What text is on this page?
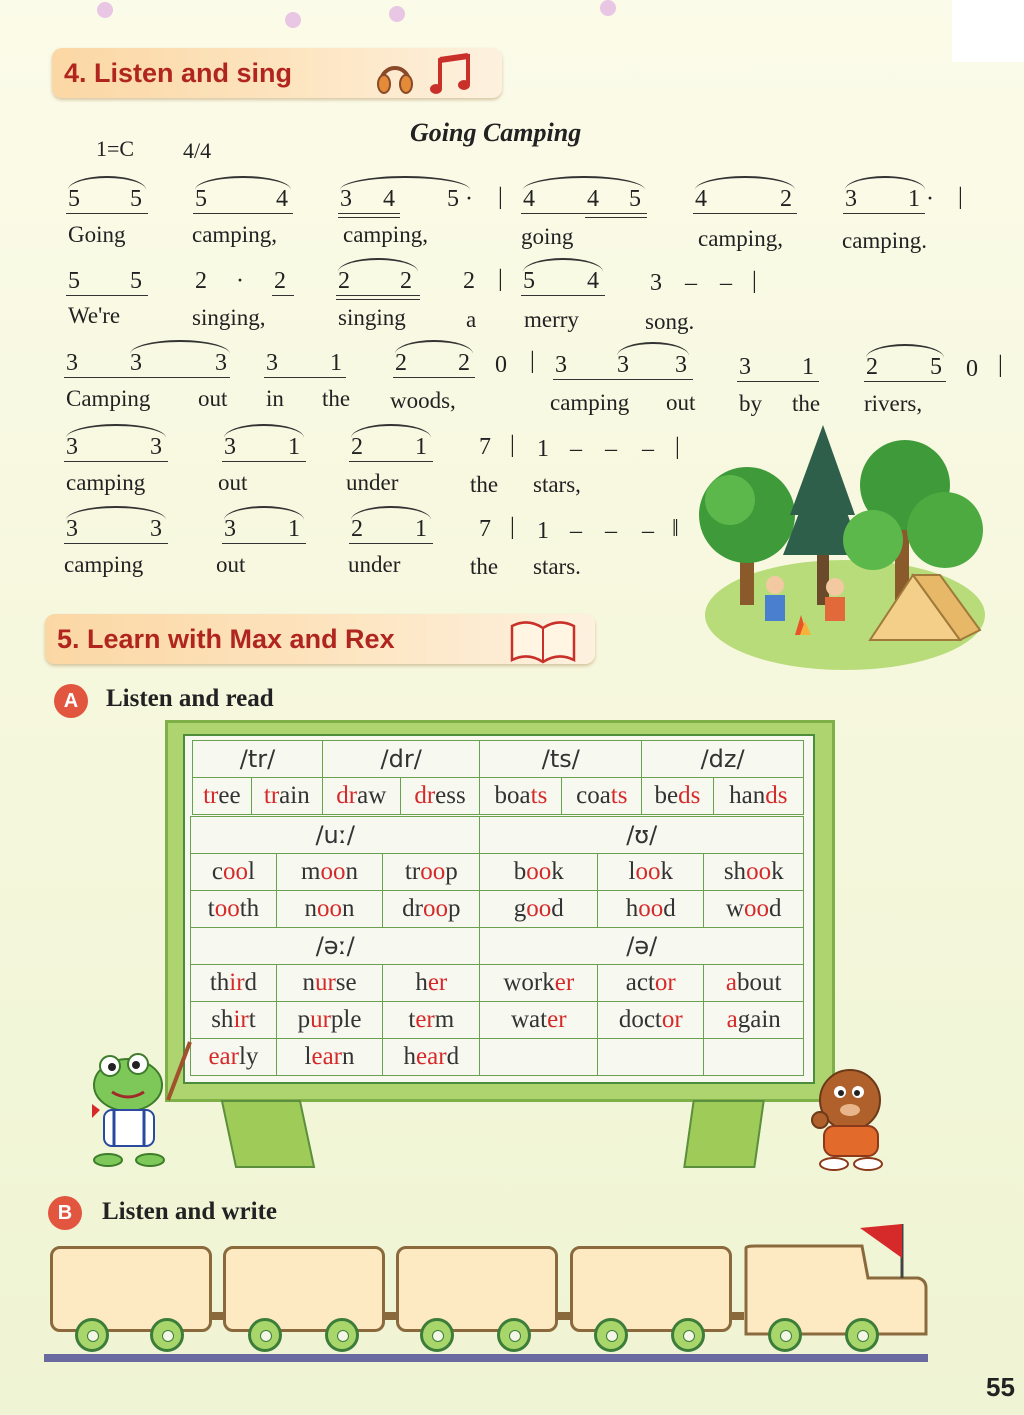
4. Listen and sing
1=C 4/4
Going Camping
5 5 5	4 3 4 5 · | 4 4 5 4	2 3 1 · |
Going	camping,	camping,	going	camping,	camping.
5 5 2 · 2 2 2 2 | 5 4 3 – – |
We're	singing,	singing	a merry	song.
3 3	3 3 1 2 2 0 | 3 3 3 3 1 2 5 0 |
Camping out in the woods,	camping out by the rivers,
3	3	3 1 2 1 7 | 1 – – – |
camping	out	under	the stars,
3	3	3 1 2 1 7 | 1 – – – ‖
camping	out	under	the stars.
5. Learn with Max and Rex
A	Listen and read
/tr/		/dr/		/ts/		/dz/	
tree	train	draw	dress	boats	coats	beds	hands
/uː/			/ʊ/		
cool	moon	troop	book	look	shook
tooth	noon	droop	good	hood	wood
/əː/			/ə/		
third	nurse	her	worker	actor	about
shirt	purple	term	water	doctor	again
early	learn	heard			
B	Listen and write
55
